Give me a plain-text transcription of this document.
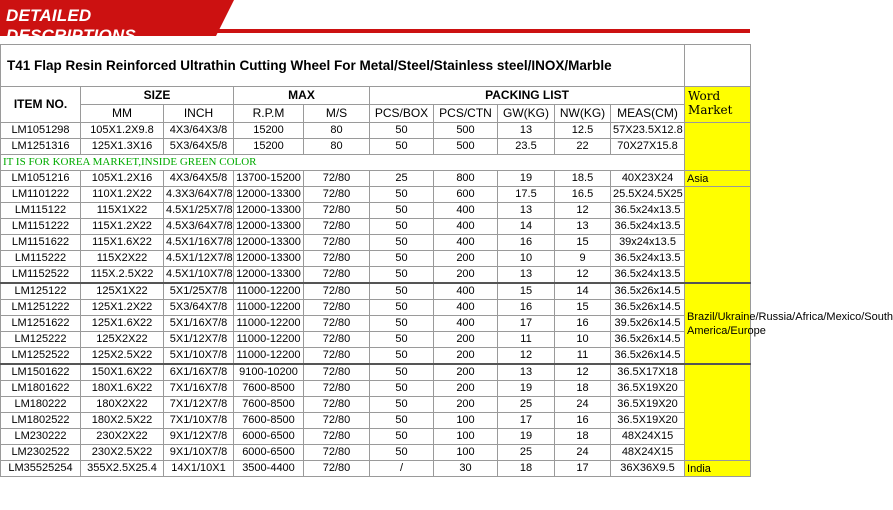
DETAILED DESCRIPTIONS
T41 Flap Resin Reinforced Ultrathin Cutting Wheel For Metal/Steel/Stainless steel/INOX/Marble										
ITEM NO.	SIZE		MAX		PACKING LIST					Word Market
	MM	INCH	R.P.M	M/S	PCS/BOX	PCS/CTN	GW(KG)	NW(KG)	MEAS(CM)	
LM1051298	105X1.2X9.8	4X3/64X3/8	15200	80	50	500	13	12.5	57X23.5X12.8	
LM1251316	125X1.3X16	5X3/64X5/8	15200	80	50	500	23.5	22	70X27X15.8	
IT IS FOR KOREA MARKET,INSIDE GREEN COLOR										
LM1051216	105X1.2X16	4X3/64X5/8	13700-15200	72/80	25	800	19	18.5	40X23X24	Asia
LM1101222	110X1.2X22	4.3X3/64X7/8	12000-13300	72/80	50	600	17.5	16.5	25.5X24.5X25	
LM115122	115X1X22	4.5X1/25X7/8	12000-13300	72/80	50	400	13	12	36.5x24x13.5	
LM1151222	115X1.2X22	4.5X3/64X7/8	12000-13300	72/80	50	400	14	13	36.5x24x13.5	
LM1151622	115X1.6X22	4.5X1/16X7/8	12000-13300	72/80	50	400	16	15	39x24x13.5	
LM115222	115X2X22	4.5X1/12X7/8	12000-13300	72/80	50	200	10	9	36.5x24x13.5	
LM1152522	115X.2.5X22	4.5X1/10X7/8	12000-13300	72/80	50	200	13	12	36.5x24x13.5	
LM125122	125X1X22	5X1/25X7/8	11000-12200	72/80	50	400	15	14	36.5x26x14.5	Brazil/Ukraine/Russia/Africa/Mexico/South America/Europe
LM1251222	125X1.2X22	5X3/64X7/8	11000-12200	72/80	50	400	16	15	36.5x26x14.5	
LM1251622	125X1.6X22	5X1/16X7/8	11000-12200	72/80	50	400	17	16	39.5x26x14.5	
LM125222	125X2X22	5X1/12X7/8	11000-12200	72/80	50	200	11	10	36.5x26x14.5	
LM1252522	125X2.5X22	5X1/10X7/8	11000-12200	72/80	50	200	12	11	36.5x26x14.5	
LM1501622	150X1.6X22	6X1/16X7/8	9100-10200	72/80	50	200	13	12	36.5X17X18	
LM1801622	180X1.6X22	7X1/16X7/8	7600-8500	72/80	50	200	19	18	36.5X19X20	
LM180222	180X2X22	7X1/12X7/8	7600-8500	72/80	50	200	25	24	36.5X19X20	
LM1802522	180X2.5X22	7X1/10X7/8	7600-8500	72/80	50	100	17	16	36.5X19X20	
LM230222	230X2X22	9X1/12X7/8	6000-6500	72/80	50	100	19	18	48X24X15	
LM2302522	230X2.5X22	9X1/10X7/8	6000-6500	72/80	50	100	25	24	48X24X15	
LM35525254	355X2.5X25.4	14X1/10X1	3500-4400	72/80	/	30	18	17	36X36X9.5	India
